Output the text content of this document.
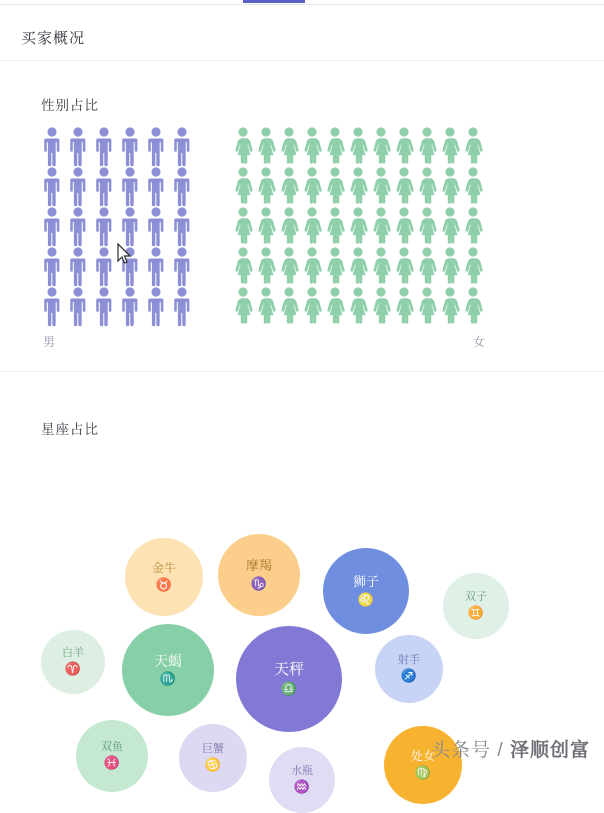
买家概况
性别占比
男	女
星座占比
金牛
♉
摩羯
♑	狮子
♌	双子
♊
白羊
♈
天蝎
♏
天秤
♎
射手
♐
双鱼
♓
巨蟹
♋	水瓶
♒
处女
♍
头条号 / 泽顺创富
